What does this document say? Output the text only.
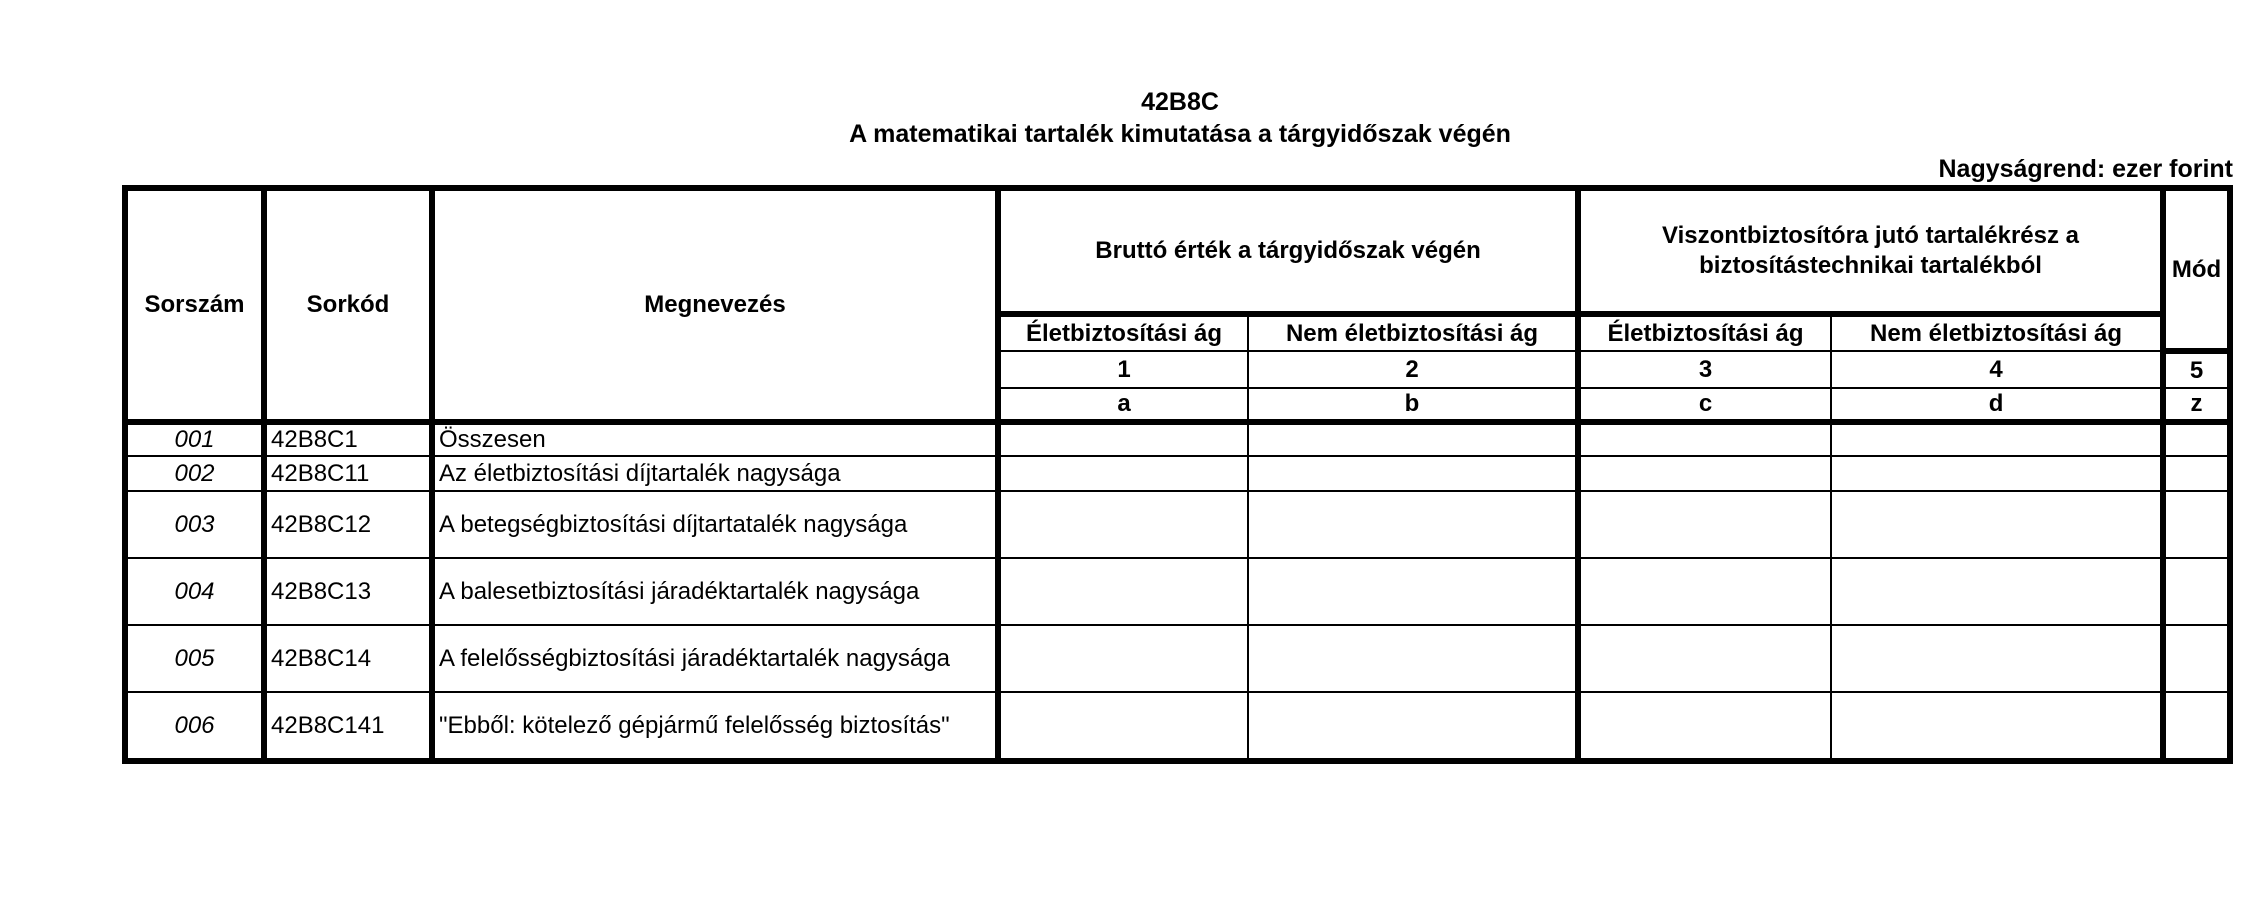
42B8C
A matematikai tartalék kimutatása a tárgyidőszak végén
Nagyságrend: ezer forint
Sorszám	Sorkód	Megnevezés	Bruttó érték a tárgyidőszak végén		Viszontbiztosítóra jutó tartalékrész a biztosítástechnikai tartalékból		Mód
			Életbiztosítási ág	Nem életbiztosítási ág	Életbiztosítási ág	Nem életbiztosítási ág	
			1	2	3	4	5
			a	b	c	d	z
001	42B8C1	Összesen					
002	42B8C11	Az életbiztosítási díjtartalék nagysága					
003	42B8C12	A betegségbiztosítási díjtartatalék nagysága					
004	42B8C13	A balesetbiztosítási járadéktartalék nagysága					
005	42B8C14	A felelősségbiztosítási járadéktartalék nagysága					
006	42B8C141	"Ebből: kötelező gépjármű felelősség biztosítás"					
